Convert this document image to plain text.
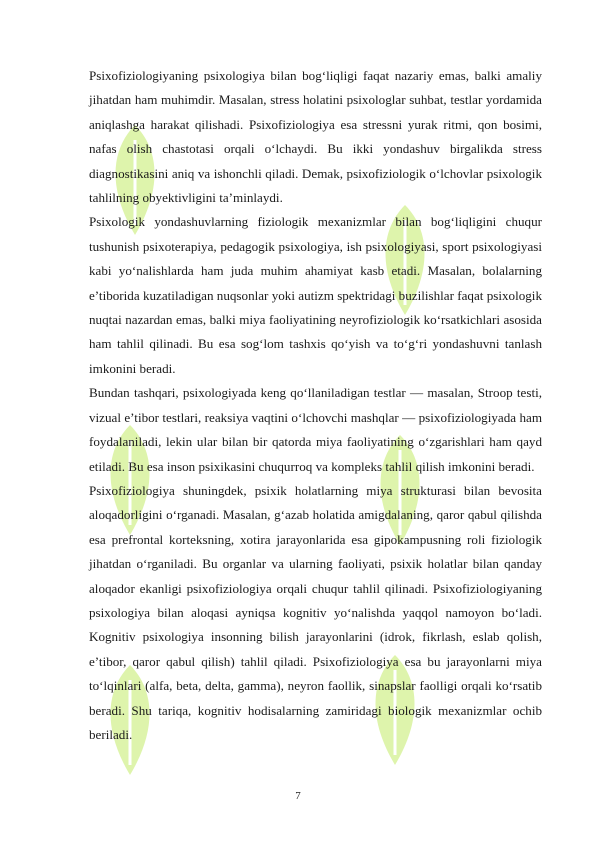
Psixofiziologiyaning psixologiya bilan bog‘liqligi faqat nazariy emas, balki amaliy jihatdan ham muhimdir. Masalan, stress holatini psixologlar suhbat, testlar yordamida aniqlashga harakat qilishadi. Psixofiziologiya esa stressni yurak ritmi, qon bosimi, nafas olish chastotasi orqali o‘lchaydi. Bu ikki yondashuv birgalikda stress diagnostikasini aniq va ishonchli qiladi. Demak, psixofiziologik o‘lchovlar psixologik tahlilning obyektivligini ta’minlaydi.

Psixologik yondashuvlarning fiziologik mexanizmlar bilan bog‘liqligini chuqur tushunish psixoterapiya, pedagogik psixologiya, ish psixologiyasi, sport psixologiyasi kabi yo‘nalishlarda ham juda muhim ahamiyat kasb etadi. Masalan, bolalarning e’tiborida kuzatiladigan nuqsonlar yoki autizm spektridagi buzilishlar faqat psixologik nuqtai nazardan emas, balki miya faoliyatining neyrofiziologik ko‘rsatkichlari asosida ham tahlil qilinadi. Bu esa sog‘lom tashxis qo‘yish va to‘g‘ri yondashuvni tanlash imkonini beradi.

Bundan tashqari, psixologiyada keng qo‘llaniladigan testlar — masalan, Stroop testi, vizual e’tibor testlari, reaksiya vaqtini o‘lchovchi mashqlar — psixofiziologiyada ham foydalaniladi, lekin ular bilan bir qatorda miya faoliyatining o‘zgarishlari ham qayd etiladi. Bu esa inson psixikasini chuqurroq va kompleks tahlil qilish imkonini beradi.

Psixofiziologiya shuningdek, psixik holatlarning miya strukturasi bilan bevosita aloqadorligini o‘rganadi. Masalan, g‘azab holatida amigdalaning, qaror qabul qilishda esa prefrontal korteksning, xotira jarayonlarida esa gipokampusning roli fiziologik jihatdan o‘rganiladi. Bu organlar va ularning faoliyati, psixik holatlar bilan qanday aloqador ekanligi psixofiziologiya orqali chuqur tahlil qilinadi. Psixofiziologiyaning psixologiya bilan aloqasi ayniqsa kognitiv yo‘nalishda yaqqol namoyon bo‘ladi. Kognitiv psixologiya insonning bilish jarayonlarini (idrok, fikrlash, eslab qolish, e’tibor, qaror qabul qilish) tahlil qiladi. Psixofiziologiya esa bu jarayonlarni miya to‘lqinlari (alfa, beta, delta, gamma), neyron faollik, sinapslar faolligi orqali ko‘rsatib beradi. Shu tariqa, kognitiv hodisalarning zamiridagi biologik mexanizmlar ochib beriladi.

7
